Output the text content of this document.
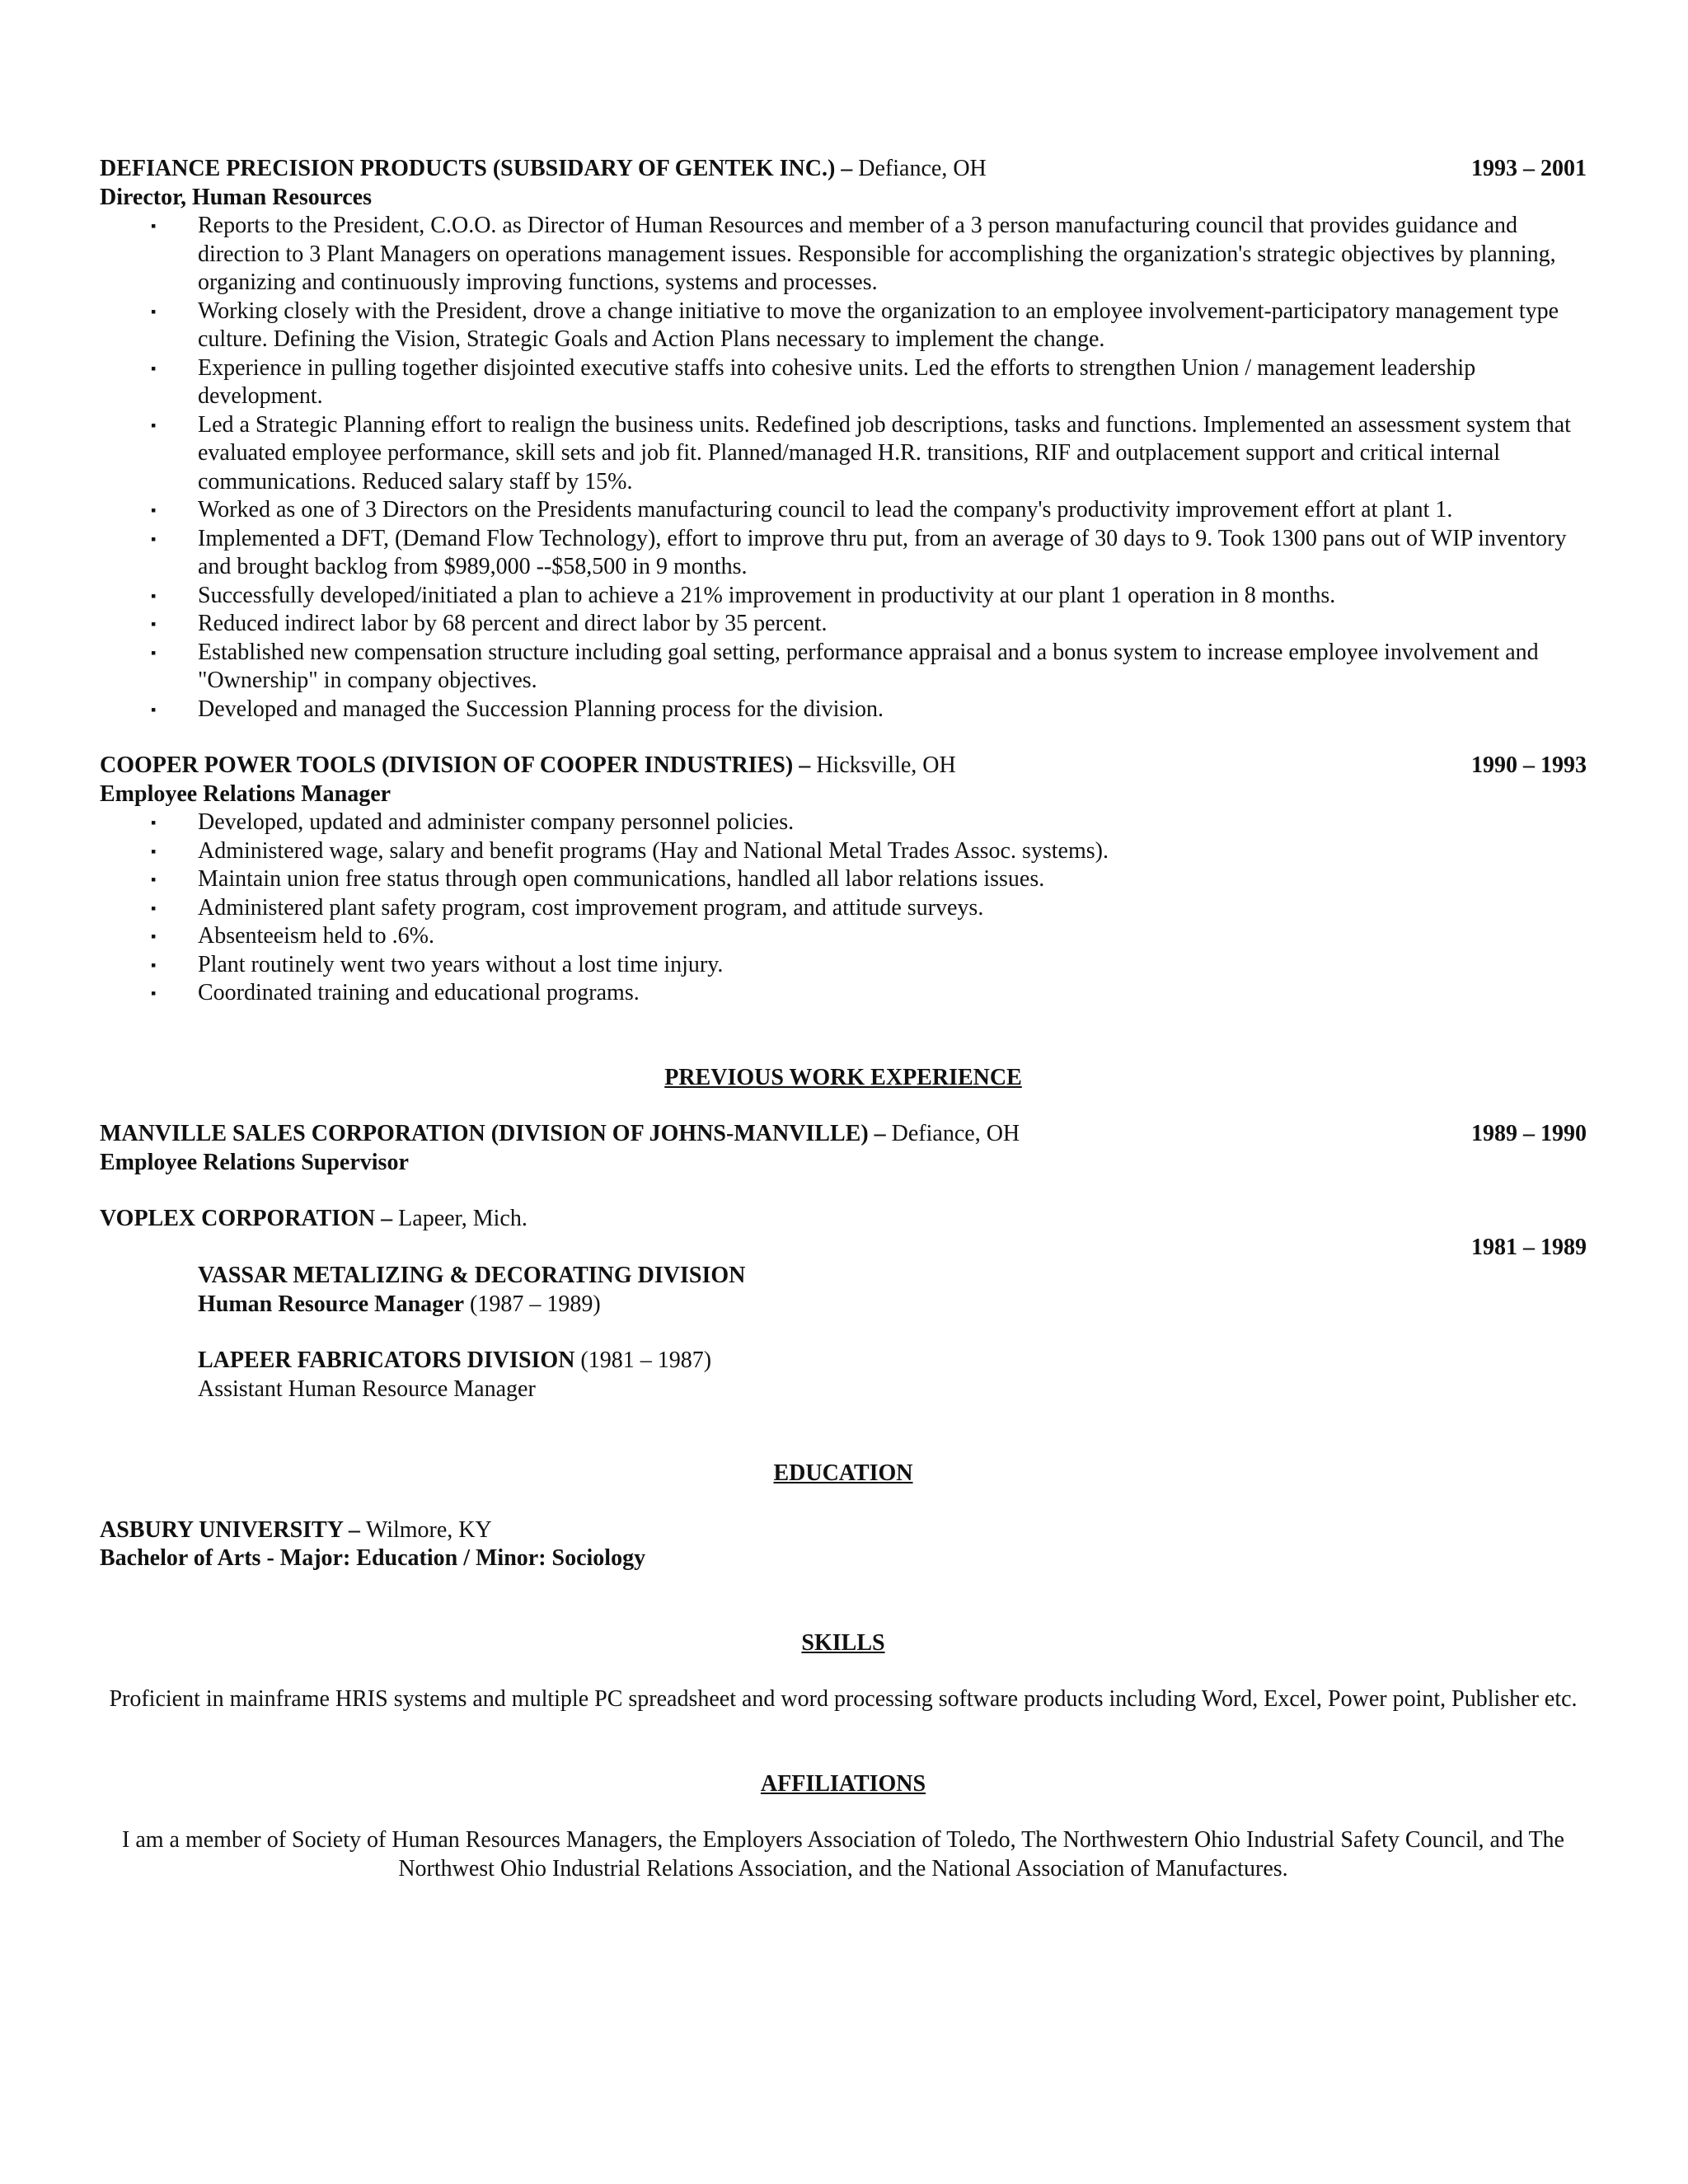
DEFIANCE PRECISION PRODUCTS (SUBSIDARY OF GENTEK INC.) – Defiance, OH	1993 – 2001
Director, Human Resources
▪ Reports to the President, C.O.O. as Director of Human Resources and member of a 3 person manufacturing council that provides guidance and direction to 3 Plant Managers on operations management issues. Responsible for accomplishing the organization's strategic objectives by planning, organizing and continuously improving functions, systems and processes.
▪ Working closely with the President, drove a change initiative to move the organization to an employee involvement-participatory management type culture. Defining the Vision, Strategic Goals and Action Plans necessary to implement the change.
▪ Experience in pulling together disjointed executive staffs into cohesive units. Led the efforts to strengthen Union / management leadership development.
▪ Led a Strategic Planning effort to realign the business units. Redefined job descriptions, tasks and functions. Implemented an assessment system that evaluated employee performance, skill sets and job fit. Planned/managed H.R. transitions, RIF and outplacement support and critical internal communications. Reduced salary staff by 15%.
▪ Worked as one of 3 Directors on the Presidents manufacturing council to lead the company's productivity improvement effort at plant 1.
▪ Implemented a DFT, (Demand Flow Technology), effort to improve thru put, from an average of 30 days to 9. Took 1300 pans out of WIP inventory and brought backlog from $989,000 --$58,500 in 9 months.
▪ Successfully developed/initiated a plan to achieve a 21% improvement in productivity at our plant 1 operation in 8 months.
▪ Reduced indirect labor by 68 percent and direct labor by 35 percent.
▪ Established new compensation structure including goal setting, performance appraisal and a bonus system to increase employee involvement and "Ownership" in company objectives.
▪ Developed and managed the Succession Planning process for the division.
COOPER POWER TOOLS (DIVISION OF COOPER INDUSTRIES) – Hicksville, OH	1990 – 1993
Employee Relations Manager
▪ Developed, updated and administer company personnel policies.
▪ Administered wage, salary and benefit programs (Hay and National Metal Trades Assoc. systems).
▪ Maintain union free status through open communications, handled all labor relations issues.
▪ Administered plant safety program, cost improvement program, and attitude surveys.
▪ Absenteeism held to .6%.
▪ Plant routinely went two years without a lost time injury.
▪ Coordinated training and educational programs.
PREVIOUS WORK EXPERIENCE
MANVILLE SALES CORPORATION (DIVISION OF JOHNS-MANVILLE) – Defiance, OH	1989 – 1990
Employee Relations Supervisor
VOPLEX CORPORATION – Lapeer, Mich.
1981 – 1989
VASSAR METALIZING & DECORATING DIVISION
Human Resource Manager (1987 – 1989)
LAPEER FABRICATORS DIVISION (1981 – 1987)
Assistant Human Resource Manager
EDUCATION
ASBURY UNIVERSITY – Wilmore, KY
Bachelor of Arts - Major: Education / Minor: Sociology
SKILLS
Proficient in mainframe HRIS systems and multiple PC spreadsheet and word processing software products including Word, Excel, Power point, Publisher etc.
AFFILIATIONS
I am a member of Society of Human Resources Managers, the Employers Association of Toledo, The Northwestern Ohio Industrial Safety Council, and The Northwest Ohio Industrial Relations Association, and the National Association of Manufactures.
